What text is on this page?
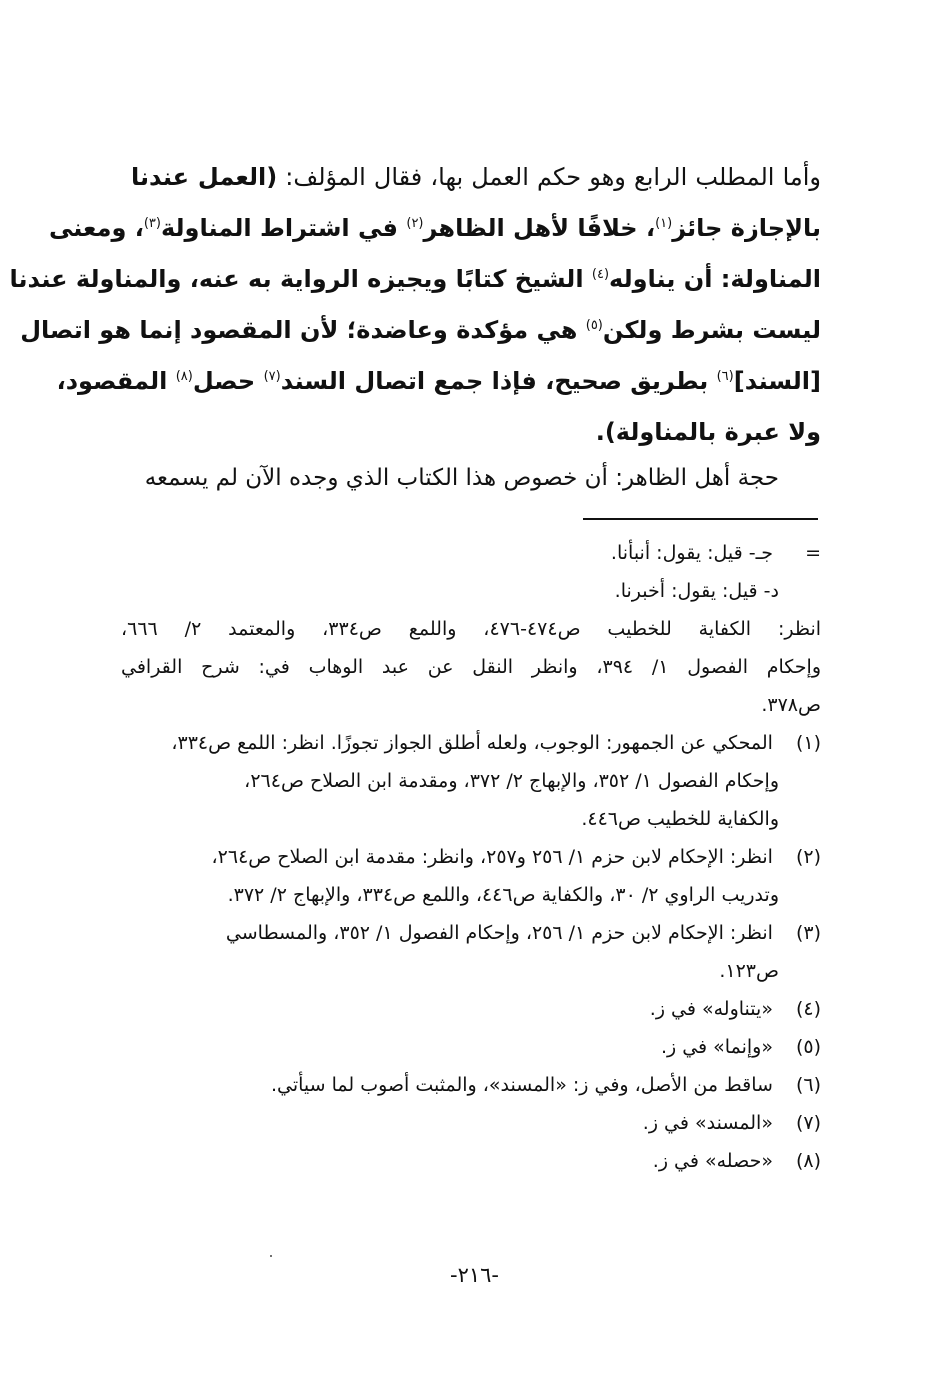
وأما المطلب الرابع وهو حكم العمل بها، فقال المؤلف: (العمل عندنا
بالإجازة جائز$^{(١)}$، خلافًا لأهل الظاهر$^{(٢)}$ في اشتراط المناولة$^{(٣)}$، ومعنى
المناولة: أن يناوله$^{(٤)}$ الشيخ كتابًا ويجيزه الرواية به عنه، والمناولة عندنا
ليست بشرط ولكن$^{(٥)}$ هي مؤكدة وعاضدة؛ لأن المقصود إنما هو اتصال
[السند]$^{(٦)}$ بطريق صحيح، فإذا جمع اتصال السند$^{(٧)}$ حصل$^{(٨)}$ المقصود،
ولا عبرة بالمناولة).
حجة أهل الظاهر: أن خصوص هذا الكتاب الذي وجده الآن لم يسمعه
= جـ- قيل: يقول: أنبأنا.
د- قيل: يقول: أخبرنا.
انظر: الكفاية للخطيب ص٤٧٤-٤٧٦، واللمع ص٣٣٤، والمعتمد ٢/ ٦٦٦،
وإحكام الفصول ١/ ٣٩٤، وانظر النقل عن عبد الوهاب في: شرح القرافي
ص٣٧٨.
(١) المحكي عن الجمهور: الوجوب، ولعله أطلق الجواز تجوزًا. انظر: اللمع ص٣٣٤،
وإحكام الفصول ١/ ٣٥٢، والإبهاج ٢/ ٣٧٢، ومقدمة ابن الصلاح ص٢٦٤،
والكفاية للخطيب ص٤٤٦.
(٢) انظر: الإحكام لابن حزم ١/ ٢٥٦ و٢٥٧، وانظر: مقدمة ابن الصلاح ص٢٦٤،
وتدريب الراوي ٢/ ٣٠، والكفاية ص٤٤٦، واللمع ص٣٣٤، والإبهاج ٢/ ٣٧٢.
(٣) انظر: الإحكام لابن حزم ١/ ٢٥٦، وإحكام الفصول ١/ ٣٥٢، والمسطاسي
ص١٢٣.
(٤) «يتناوله» في ز.
(٥) «وإنما» في ز.
(٦) ساقط من الأصل، وفي ز: «المسند»، والمثبت أصوب لما سيأتي.
(٧) «المسند» في ز.
(٨) «حصله» في ز.
-٢١٦-
